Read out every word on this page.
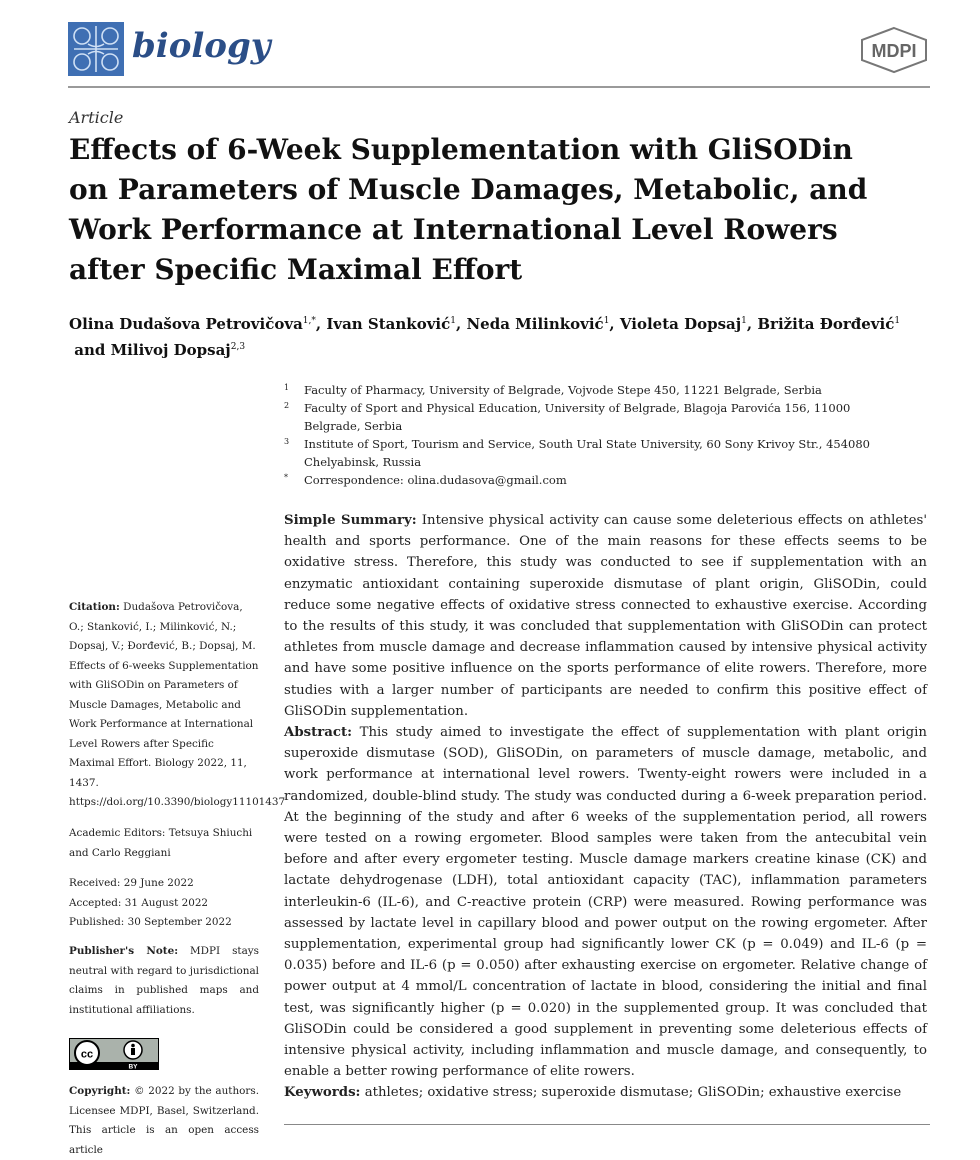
biology	MDPI
Article
Effects of 6-Week Supplementation with GliSODin on Parameters of Muscle Damages, Metabolic, and Work Performance at International Level Rowers after Specific Maximal Effort
Olina Dudašova Petrovičova$^{1,*}$, Ivan Stanković$^1$, Neda Milinković$^1$, Violeta Dopsaj$^1$, Brižita Đorđević$^1$ and Milivoj Dopsaj$^{2,3}$
1	Faculty of Pharmacy, University of Belgrade, Vojvode Stepe 450, 11221 Belgrade, Serbia
2	Faculty of Sport and Physical Education, University of Belgrade, Blagoja Parovića 156, 11000 Belgrade, Serbia
3	Institute of Sport, Tourism and Service, South Ural State University, 60 Sony Krivoy Str., 454080 Chelyabinsk, Russia
*	Correspondence: olina.dudasova@gmail.com

Simple Summary: Intensive physical activity can cause some deleterious effects on athletes' health and sports performance. One of the main reasons for these effects seems to be oxidative stress. Therefore, this study was conducted to see if supplementation with an enzymatic antioxidant containing superoxide dismutase of plant origin, GliSODin, could reduce some negative effects of oxidative stress connected to exhaustive exercise. According to the results of this study, it was concluded that supplementation with GliSODin can protect athletes from muscle damage and decrease inflammation caused by intensive physical activity and have some positive influence on the sports performance of elite rowers. Therefore, more studies with a larger number of participants are needed to confirm this positive effect of GliSODin supplementation.

Abstract: This study aimed to investigate the effect of supplementation with plant origin superoxide dismutase (SOD), GliSODin, on parameters of muscle damage, metabolic, and work performance at international level rowers. Twenty-eight rowers were included in a randomized, double-blind study. The study was conducted during a 6-week preparation period. At the beginning of the study and after 6 weeks of the supplementation period, all rowers were tested on a rowing ergometer. Blood samples were taken from the antecubital vein before and after every ergometer testing. Muscle damage markers creatine kinase (CK) and lactate dehydrogenase (LDH), total antioxidant capacity (TAC), inflammation parameters interleukin-6 (IL-6), and C-reactive protein (CRP) were measured. Rowing performance was assessed by lactate level in capillary blood and power output on the rowing ergometer. After supplementation, experimental group had significantly lower CK (p = 0.049) and IL-6 (p = 0.035) before and IL-6 (p = 0.050) after exhausting exercise on ergometer. Relative change of power output at 4 mmol/L concentration of lactate in blood, considering the initial and final test, was significantly higher (p = 0.020) in the supplemented group. It was concluded that GliSODin could be considered a good supplement in preventing some deleterious effects of intensive physical activity, including inflammation and muscle damage, and consequently, to enable a better rowing performance of elite rowers.

Keywords: athletes; oxidative stress; superoxide dismutase; GliSODin; exhaustive exercise
Citation: Dudašova Petrovičova, O.; Stanković, I.; Milinković, N.; Dopsaj, V.; Đorđević, B.; Dopsaj, M. Effects of 6-weeks Supplementation with GliSODin on Parameters of Muscle Damages, Metabolic and Work Performance at International Level Rowers after Specific Maximal Effort. Biology 2022, 11, 1437. https://doi.org/10.3390/biology11101437
Academic Editors: Tetsuya Shiuchi and Carlo Reggiani
Received: 29 June 2022
Accepted: 31 August 2022
Published: 30 September 2022
Publisher's Note: MDPI stays neutral with regard to jurisdictional claims in published maps and institutional affiliations.
cc
BY
Copyright: © 2022 by the authors. Licensee MDPI, Basel, Switzerland. This article is an open access article
